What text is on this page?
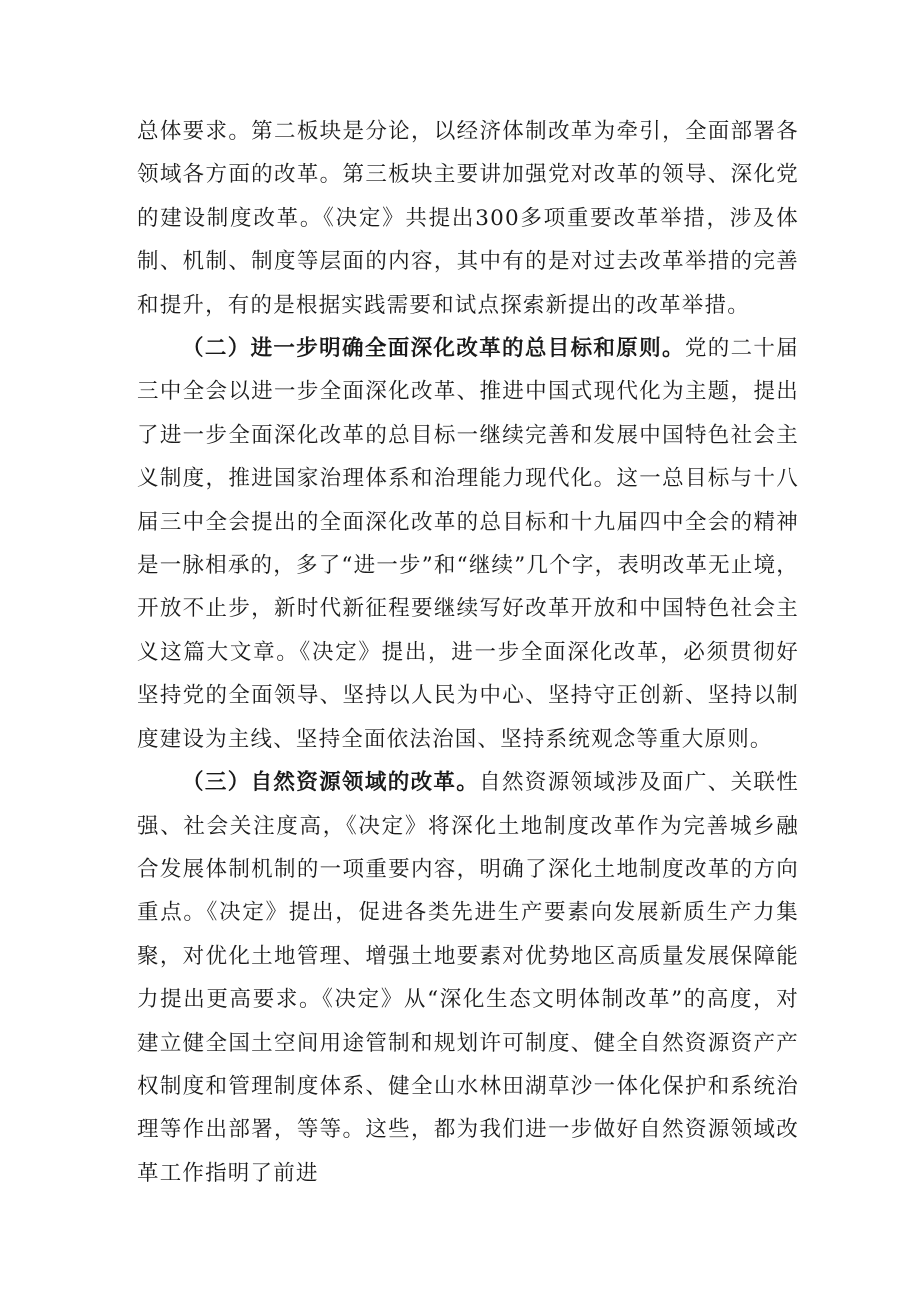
总体要求。第二板块是分论，以经济体制改革为牵引，全面部署各领域各方面的改革。第三板块主要讲加强党对改革的领导、深化党的建设制度改革。《决定》共提出300多项重要改革举措，涉及体制、机制、制度等层面的内容，其中有的是对过去改革举措的完善和提升，有的是根据实践需要和试点探索新提出的改革举措。

（二）进一步明确全面深化改革的总目标和原则。党的二十届三中全会以进一步全面深化改革、推进中国式现代化为主题，提出了进一步全面深化改革的总目标一继续完善和发展中国特色社会主义制度，推进国家治理体系和治理能力现代化。这一总目标与十八届三中全会提出的全面深化改革的总目标和十九届四中全会的精神是一脉相承的，多了“进一步”和“继续”几个字，表明改革无止境，开放不止步，新时代新征程要继续写好改革开放和中国特色社会主义这篇大文章。《决定》提出，进一步全面深化改革，必须贯彻好坚持党的全面领导、坚持以人民为中心、坚持守正创新、坚持以制度建设为主线、坚持全面依法治国、坚持系统观念等重大原则。

（三）自然资源领域的改革。自然资源领域涉及面广、关联性强、社会关注度高，《决定》将深化土地制度改革作为完善城乡融合发展体制机制的一项重要内容，明确了深化土地制度改革的方向重点。《决定》提出，促进各类先进生产要素向发展新质生产力集聚，对优化土地管理、增强土地要素对优势地区高质量发展保障能力提出更高要求。《决定》从“深化生态文明体制改革”的高度，对建立健全国土空间用途管制和规划许可制度、健全自然资源资产产权制度和管理制度体系、健全山水林田湖草沙一体化保护和系统治理等作出部署，等等。这些，都为我们进一步做好自然资源领域改革工作指明了前进
